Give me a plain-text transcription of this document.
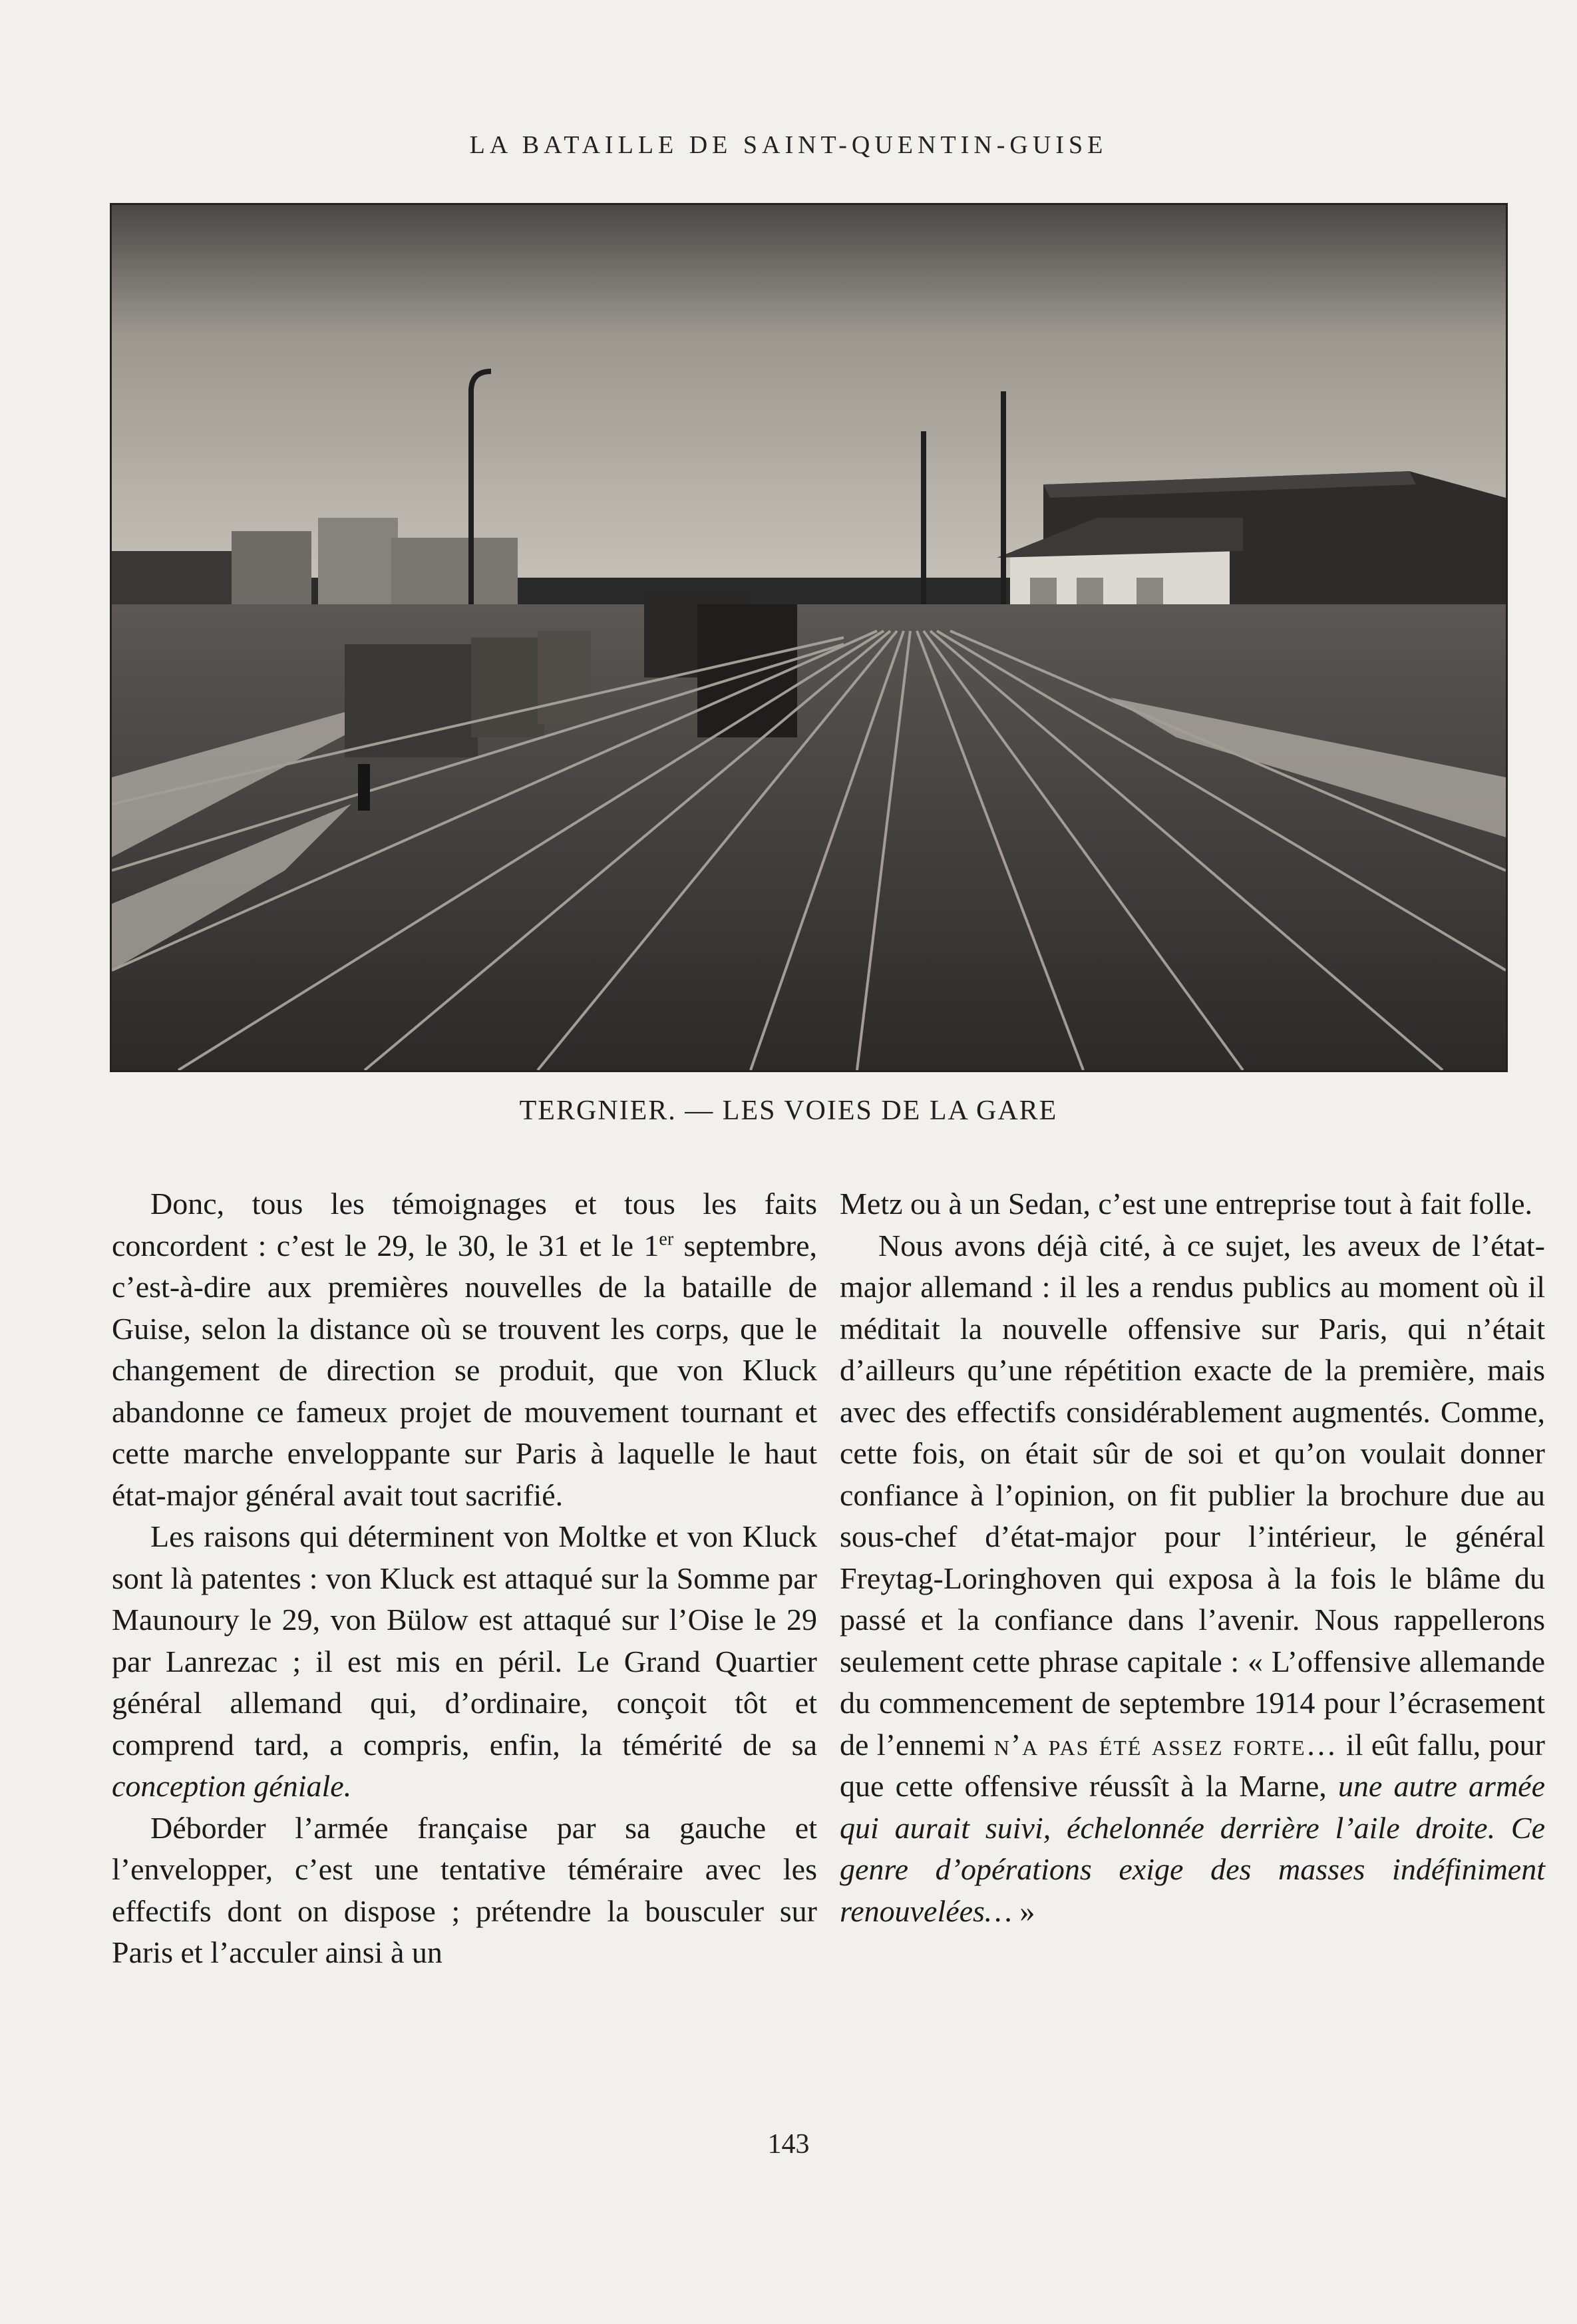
LA BATAILLE DE SAINT-QUENTIN-GUISE
TERGNIER. — LES VOIES DE LA GARE

Donc, tous les témoignages et tous les faits concordent : c’est le 29, le 30, le 31 et le 1er septembre, c’est-à-dire aux premières nouvelles de la bataille de Guise, selon la distance où se trouvent les corps, que le changement de direction se produit, que von Kluck abandonne ce fameux projet de mouvement tournant et cette marche enveloppante sur Paris à laquelle le haut état-major général avait tout sacrifié.

Les raisons qui déterminent von Moltke et von Kluck sont là patentes : von Kluck est attaqué sur la Somme par Maunoury le 29, von Bülow est attaqué sur l’Oise le 29 par Lanrezac ; il est mis en péril. Le Grand Quartier général allemand qui, d’ordinaire, conçoit tôt et comprend tard, a compris, enfin, la témérité de sa conception géniale.

Déborder l’armée française par sa gauche et l’envelopper, c’est une tentative téméraire avec les effectifs dont on dispose ; prétendre la bousculer sur Paris et l’acculer ainsi à un

Metz ou à un Sedan, c’est une entreprise tout à fait folle.

Nous avons déjà cité, à ce sujet, les aveux de l’état-major allemand : il les a rendus publics au moment où il méditait la nouvelle offensive sur Paris, qui n’était d’ailleurs qu’une répétition exacte de la première, mais avec des effectifs considérablement augmentés. Comme, cette fois, on était sûr de soi et qu’on voulait donner confiance à l’opinion, on fit publier la brochure due au sous-chef d’état-major pour l’intérieur, le général Freytag-Loringhoven qui exposa à la fois le blâme du passé et la confiance dans l’avenir. Nous rappellerons seulement cette phrase capitale : « L’offensive allemande du commencement de septembre 1914 pour l’écrasement de l’ennemi n’a pas été assez forte… il eût fallu, pour que cette offensive réussît à la Marne, une autre armée qui aurait suivi, échelonnée derrière l’aile droite. Ce genre d’opérations exige des masses indéfiniment renouvelées… »

143
